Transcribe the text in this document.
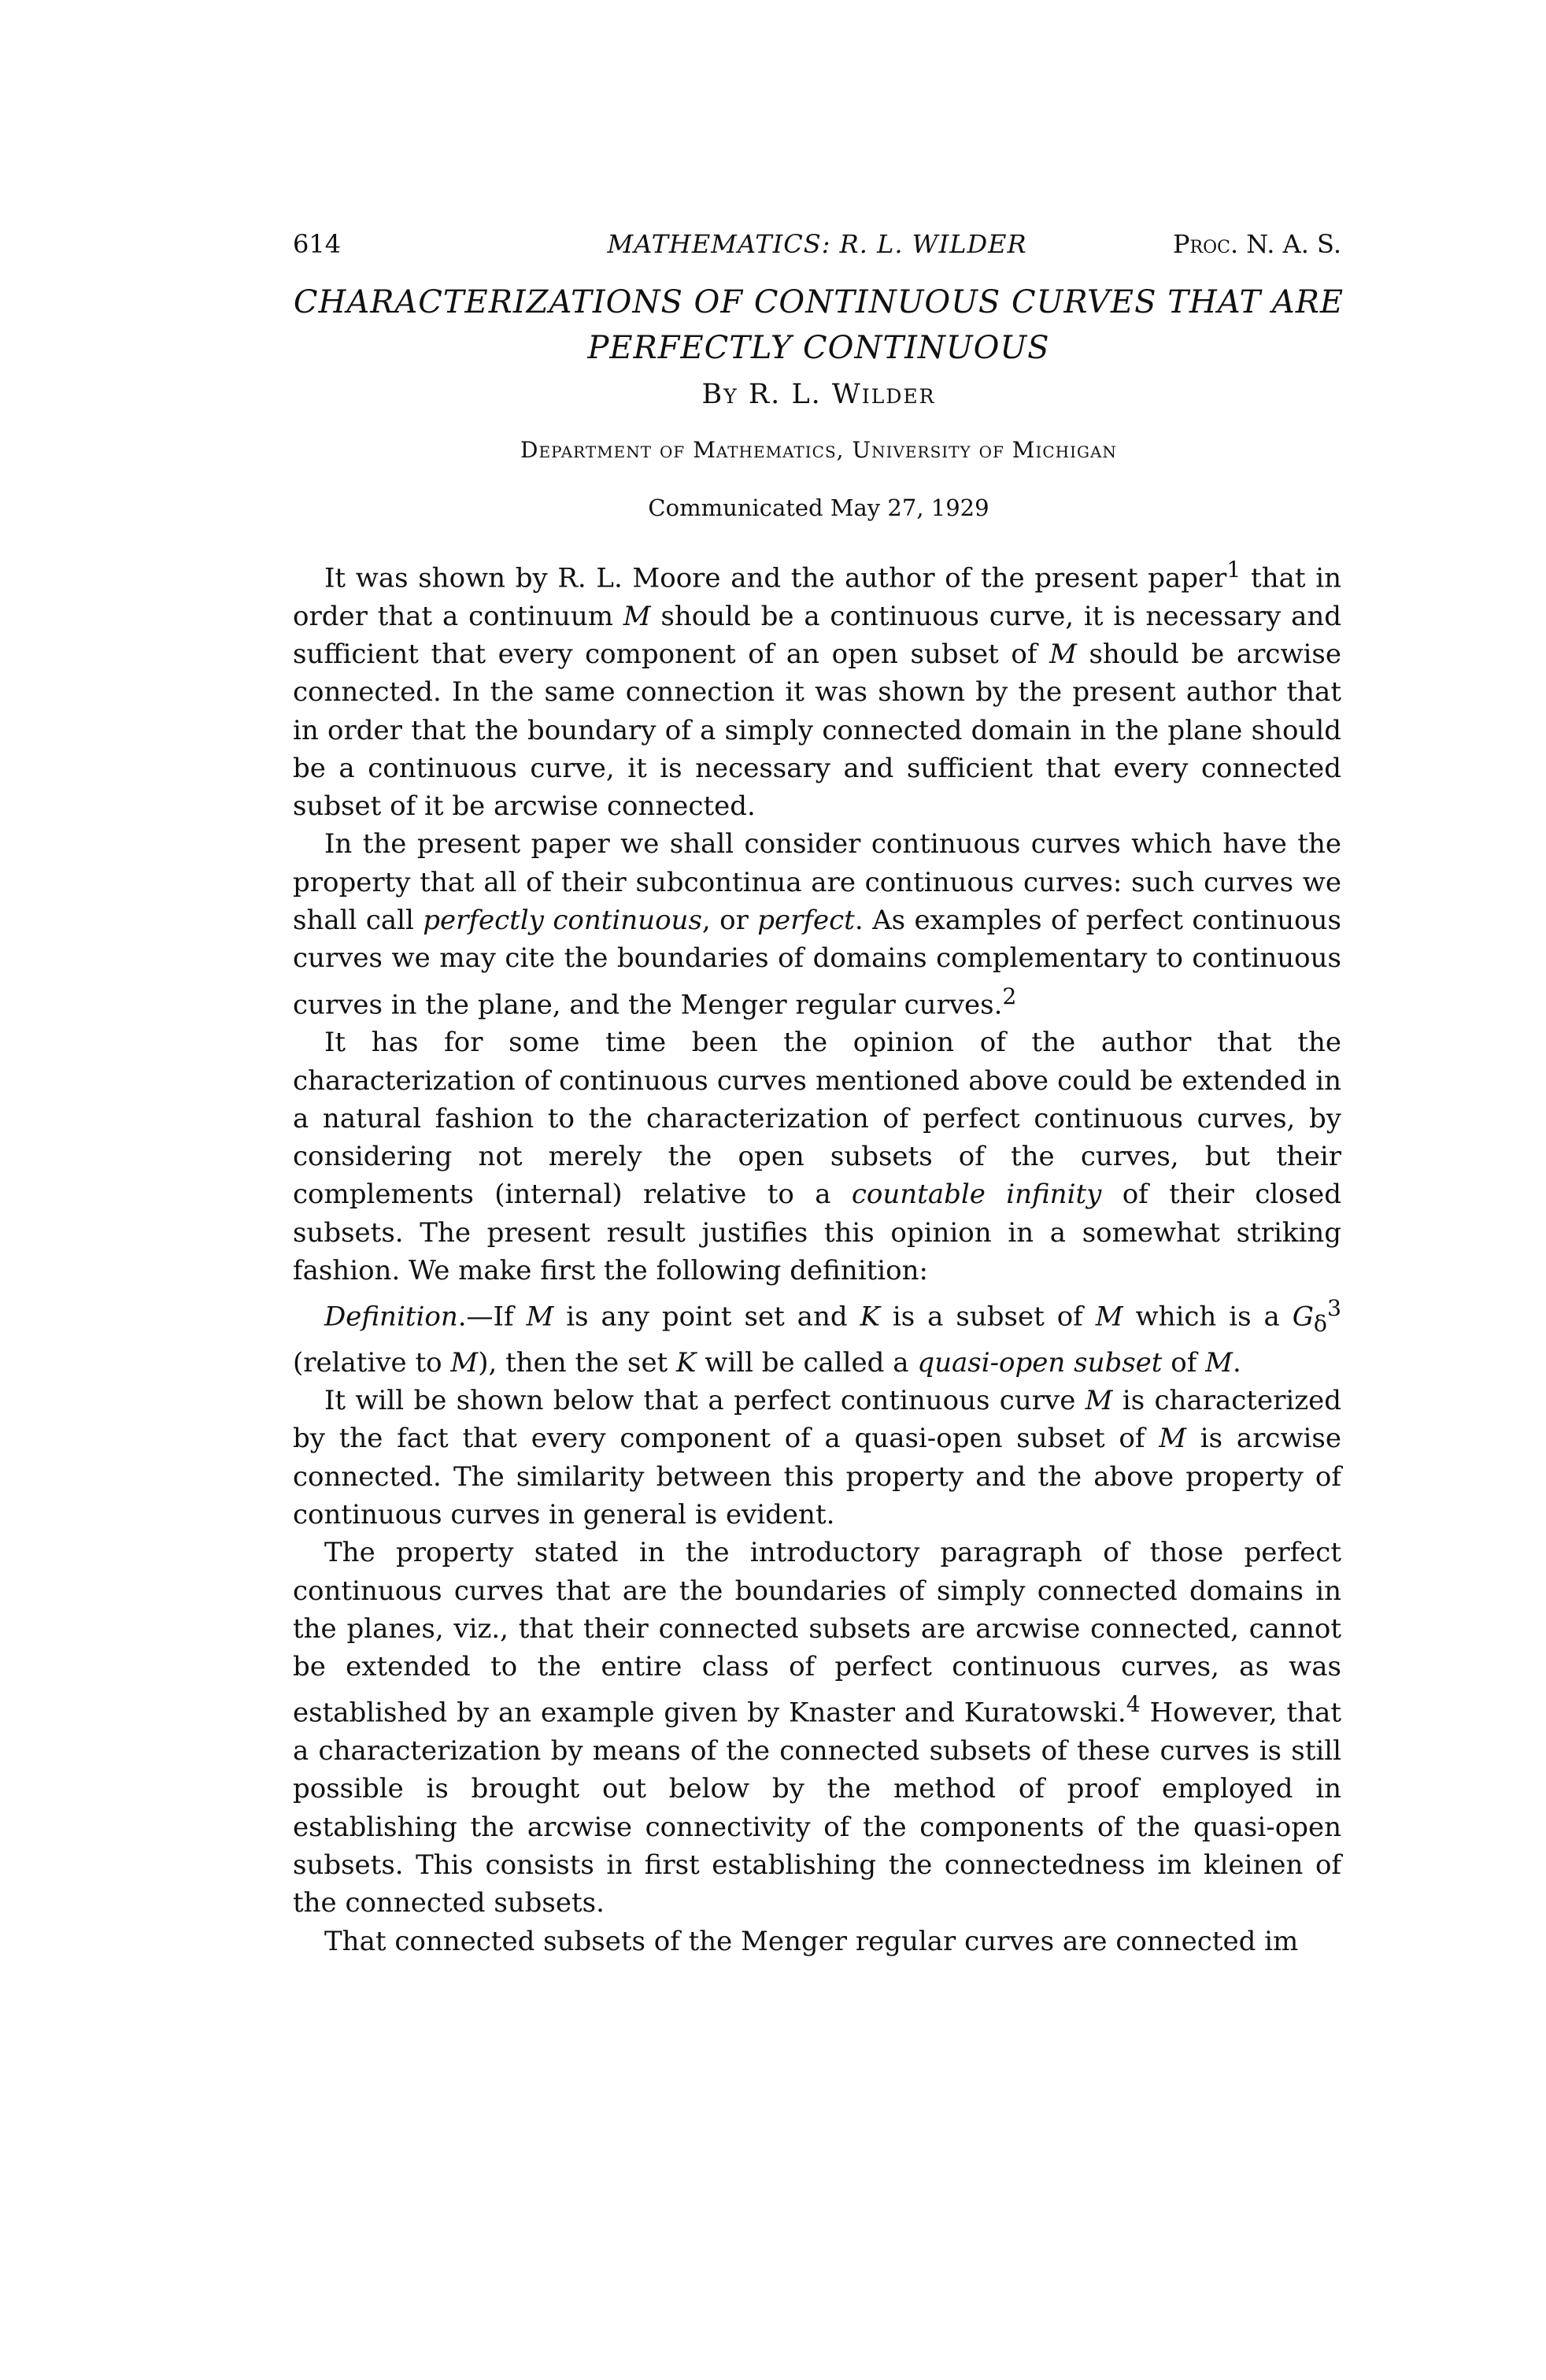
614	MATHEMATICS: R. L. WILDER	Proc. N. A. S.
CHARACTERIZATIONS OF CONTINUOUS CURVES THAT ARE
PERFECTLY CONTINUOUS
By R. L. Wilder
Department of Mathematics, University of Michigan
Communicated May 27, 1929

It was shown by R. L. Moore and the author of the present paper$^1$ that in order that a continuum M should be a continuous curve, it is necessary and sufficient that every component of an open subset of M should be arcwise connected. In the same connection it was shown by the present author that in order that the boundary of a simply connected domain in the plane should be a continuous curve, it is necessary and sufficient that every connected subset of it be arcwise connected.

In the present paper we shall consider continuous curves which have the property that all of their subcontinua are continuous curves: such curves we shall call perfectly continuous, or perfect. As examples of perfect continuous curves we may cite the boundaries of domains complementary to continuous curves in the plane, and the Menger regular curves.$^2$

It has for some time been the opinion of the author that the characterization of continuous curves mentioned above could be extended in a natural fashion to the characterization of perfect continuous curves, by considering not merely the open subsets of the curves, but their complements (internal) relative to a countable infinity of their closed subsets. The present result justifies this opinion in a somewhat striking fashion. We make first the following definition:

Definition.—If M is any point set and K is a subset of M which is a $G_\delta^3$ (relative to M), then the set K will be called a quasi-open subset of M.

It will be shown below that a perfect continuous curve M is characterized by the fact that every component of a quasi-open subset of M is arcwise connected. The similarity between this property and the above property of continuous curves in general is evident.

The property stated in the introductory paragraph of those perfect continuous curves that are the boundaries of simply connected domains in the planes, viz., that their connected subsets are arcwise connected, cannot be extended to the entire class of perfect continuous curves, as was established by an example given by Knaster and Kuratowski.$^4$ However, that a characterization by means of the connected subsets of these curves is still possible is brought out below by the method of proof employed in establishing the arcwise connectivity of the components of the quasi-open subsets. This consists in first establishing the connectedness im kleinen of the connected subsets.

That connected subsets of the Menger regular curves are connected im
